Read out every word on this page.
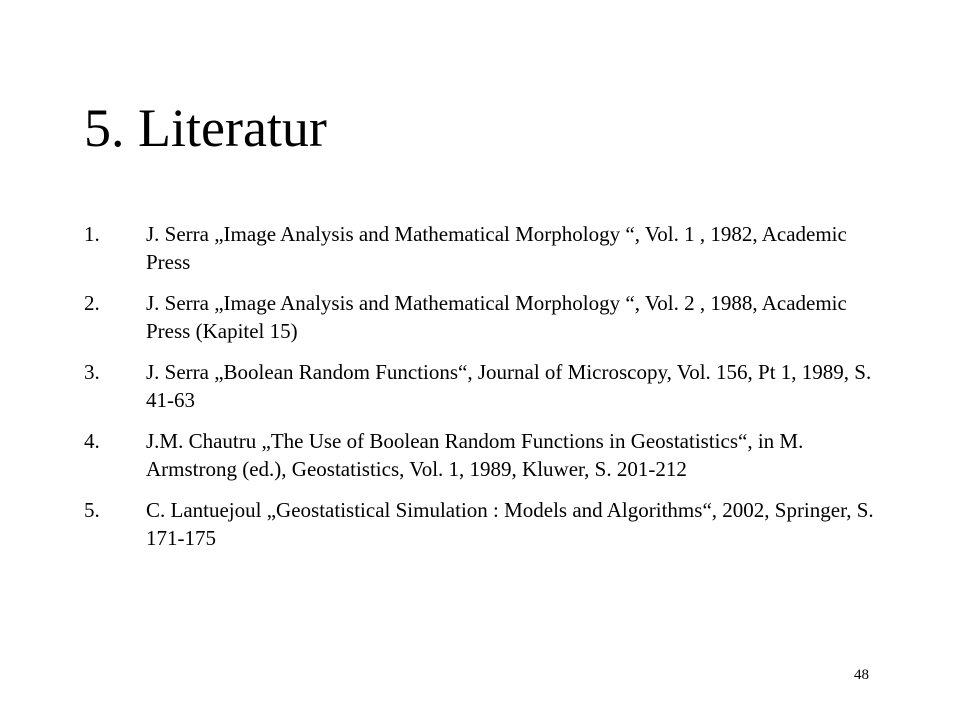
5. Literatur
1. J. Serra „Image Analysis and Mathematical Morphology “, Vol. 1 , 1982, Academic Press
2. J. Serra „Image Analysis and Mathematical Morphology “, Vol. 2 , 1988, Academic Press (Kapitel 15)
3. J. Serra „Boolean Random Functions“, Journal of Microscopy, Vol. 156, Pt 1, 1989, S. 41-63
4. J.M. Chautru „The Use of Boolean Random Functions in Geostatistics“, in M. Armstrong (ed.), Geostatistics, Vol. 1, 1989, Kluwer, S. 201-212
5. C. Lantuejoul „Geostatistical Simulation : Models and Algorithms“, 2002, Springer, S. 171-175
48
